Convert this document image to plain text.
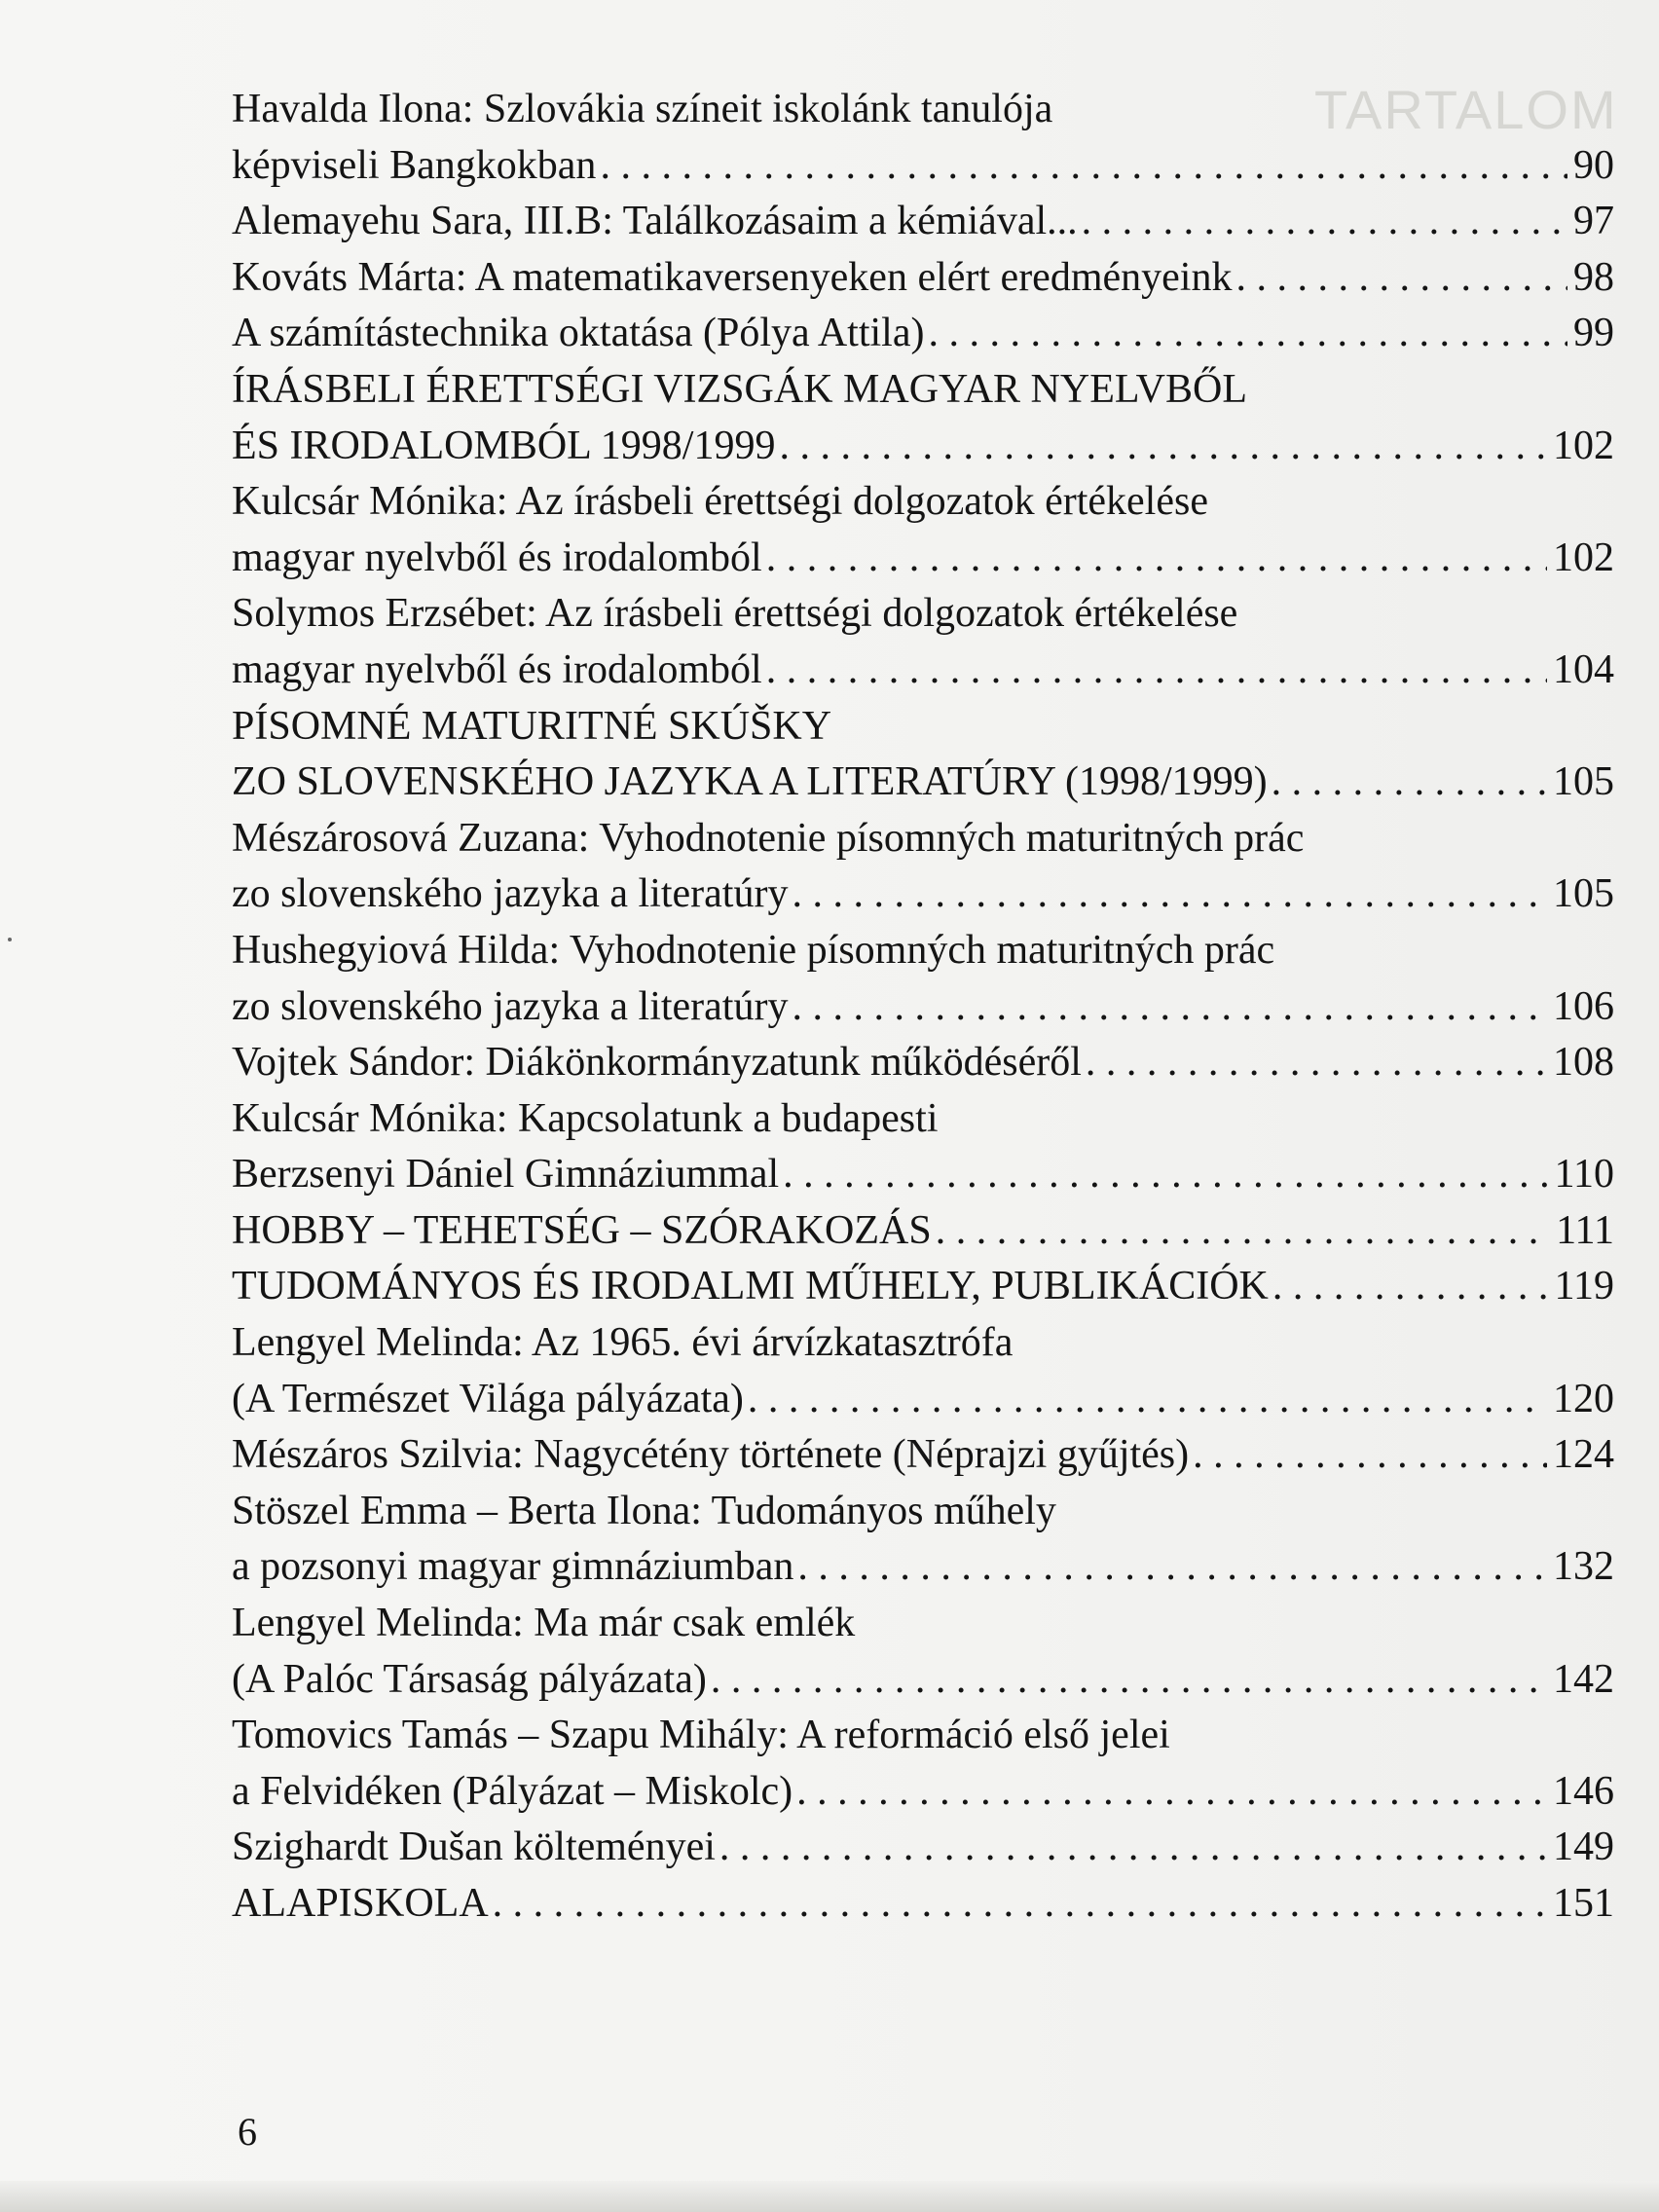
TARTALOM
Havalda Ilona: Szlovákia színeit iskolánk tanulója
képviseli Bangkokban . . .	90
Alemayehu Sara, III.B: Találkozásaim a kémiával... . . .	97
Kováts Márta: A matematikaversenyeken elért eredményeink . . .	98
A számítástechnika oktatása (Pólya Attila) . . .	99
ÍRÁSBELI ÉRETTSÉGI VIZSGÁK MAGYAR NYELVBŐL
ÉS IRODALOMBÓL 1998/1999 . . .	102
Kulcsár Mónika: Az írásbeli érettségi dolgozatok értékelése
magyar nyelvből és irodalomból . . .	102
Solymos Erzsébet: Az írásbeli érettségi dolgozatok értékelése
magyar nyelvből és irodalomból . . .	104
PÍSOMNÉ MATURITNÉ SKÚŠKY
ZO SLOVENSKÉHO JAZYKA A LITERATÚRY (1998/1999) . . .	105
Mészárosová Zuzana: Vyhodnotenie písomných maturitných prác
zo slovenského jazyka a literatúry . . .	105
Hushegyiová Hilda: Vyhodnotenie písomných maturitných prác
zo slovenského jazyka a literatúry . . .	106
Vojtek Sándor: Diákönkormányzatunk működéséről . . .	108
Kulcsár Mónika: Kapcsolatunk a budapesti
Berzsenyi Dániel Gimnáziummal . . .	110
HOBBY – TEHETSÉG – SZÓRAKOZÁS . . .	111
TUDOMÁNYOS ÉS IRODALMI MŰHELY, PUBLIKÁCIÓK . . .	119
Lengyel Melinda: Az 1965. évi árvízkatasztrófa
(A Természet Világa pályázata) . . .	120
Mészáros Szilvia: Nagycétény története (Néprajzi gyűjtés) . . .	124
Stöszel Emma – Berta Ilona: Tudományos műhely
a pozsonyi magyar gimnáziumban . . .	132
Lengyel Melinda: Ma már csak emlék
(A Palóc Társaság pályázata) . . .	142
Tomovics Tamás – Szapu Mihály: A reformáció első jelei
a Felvidéken (Pályázat – Miskolc) . . .	146
Szighardt Dušan költeményei . . .	149
ALAPISKOLA . . .	151
6
